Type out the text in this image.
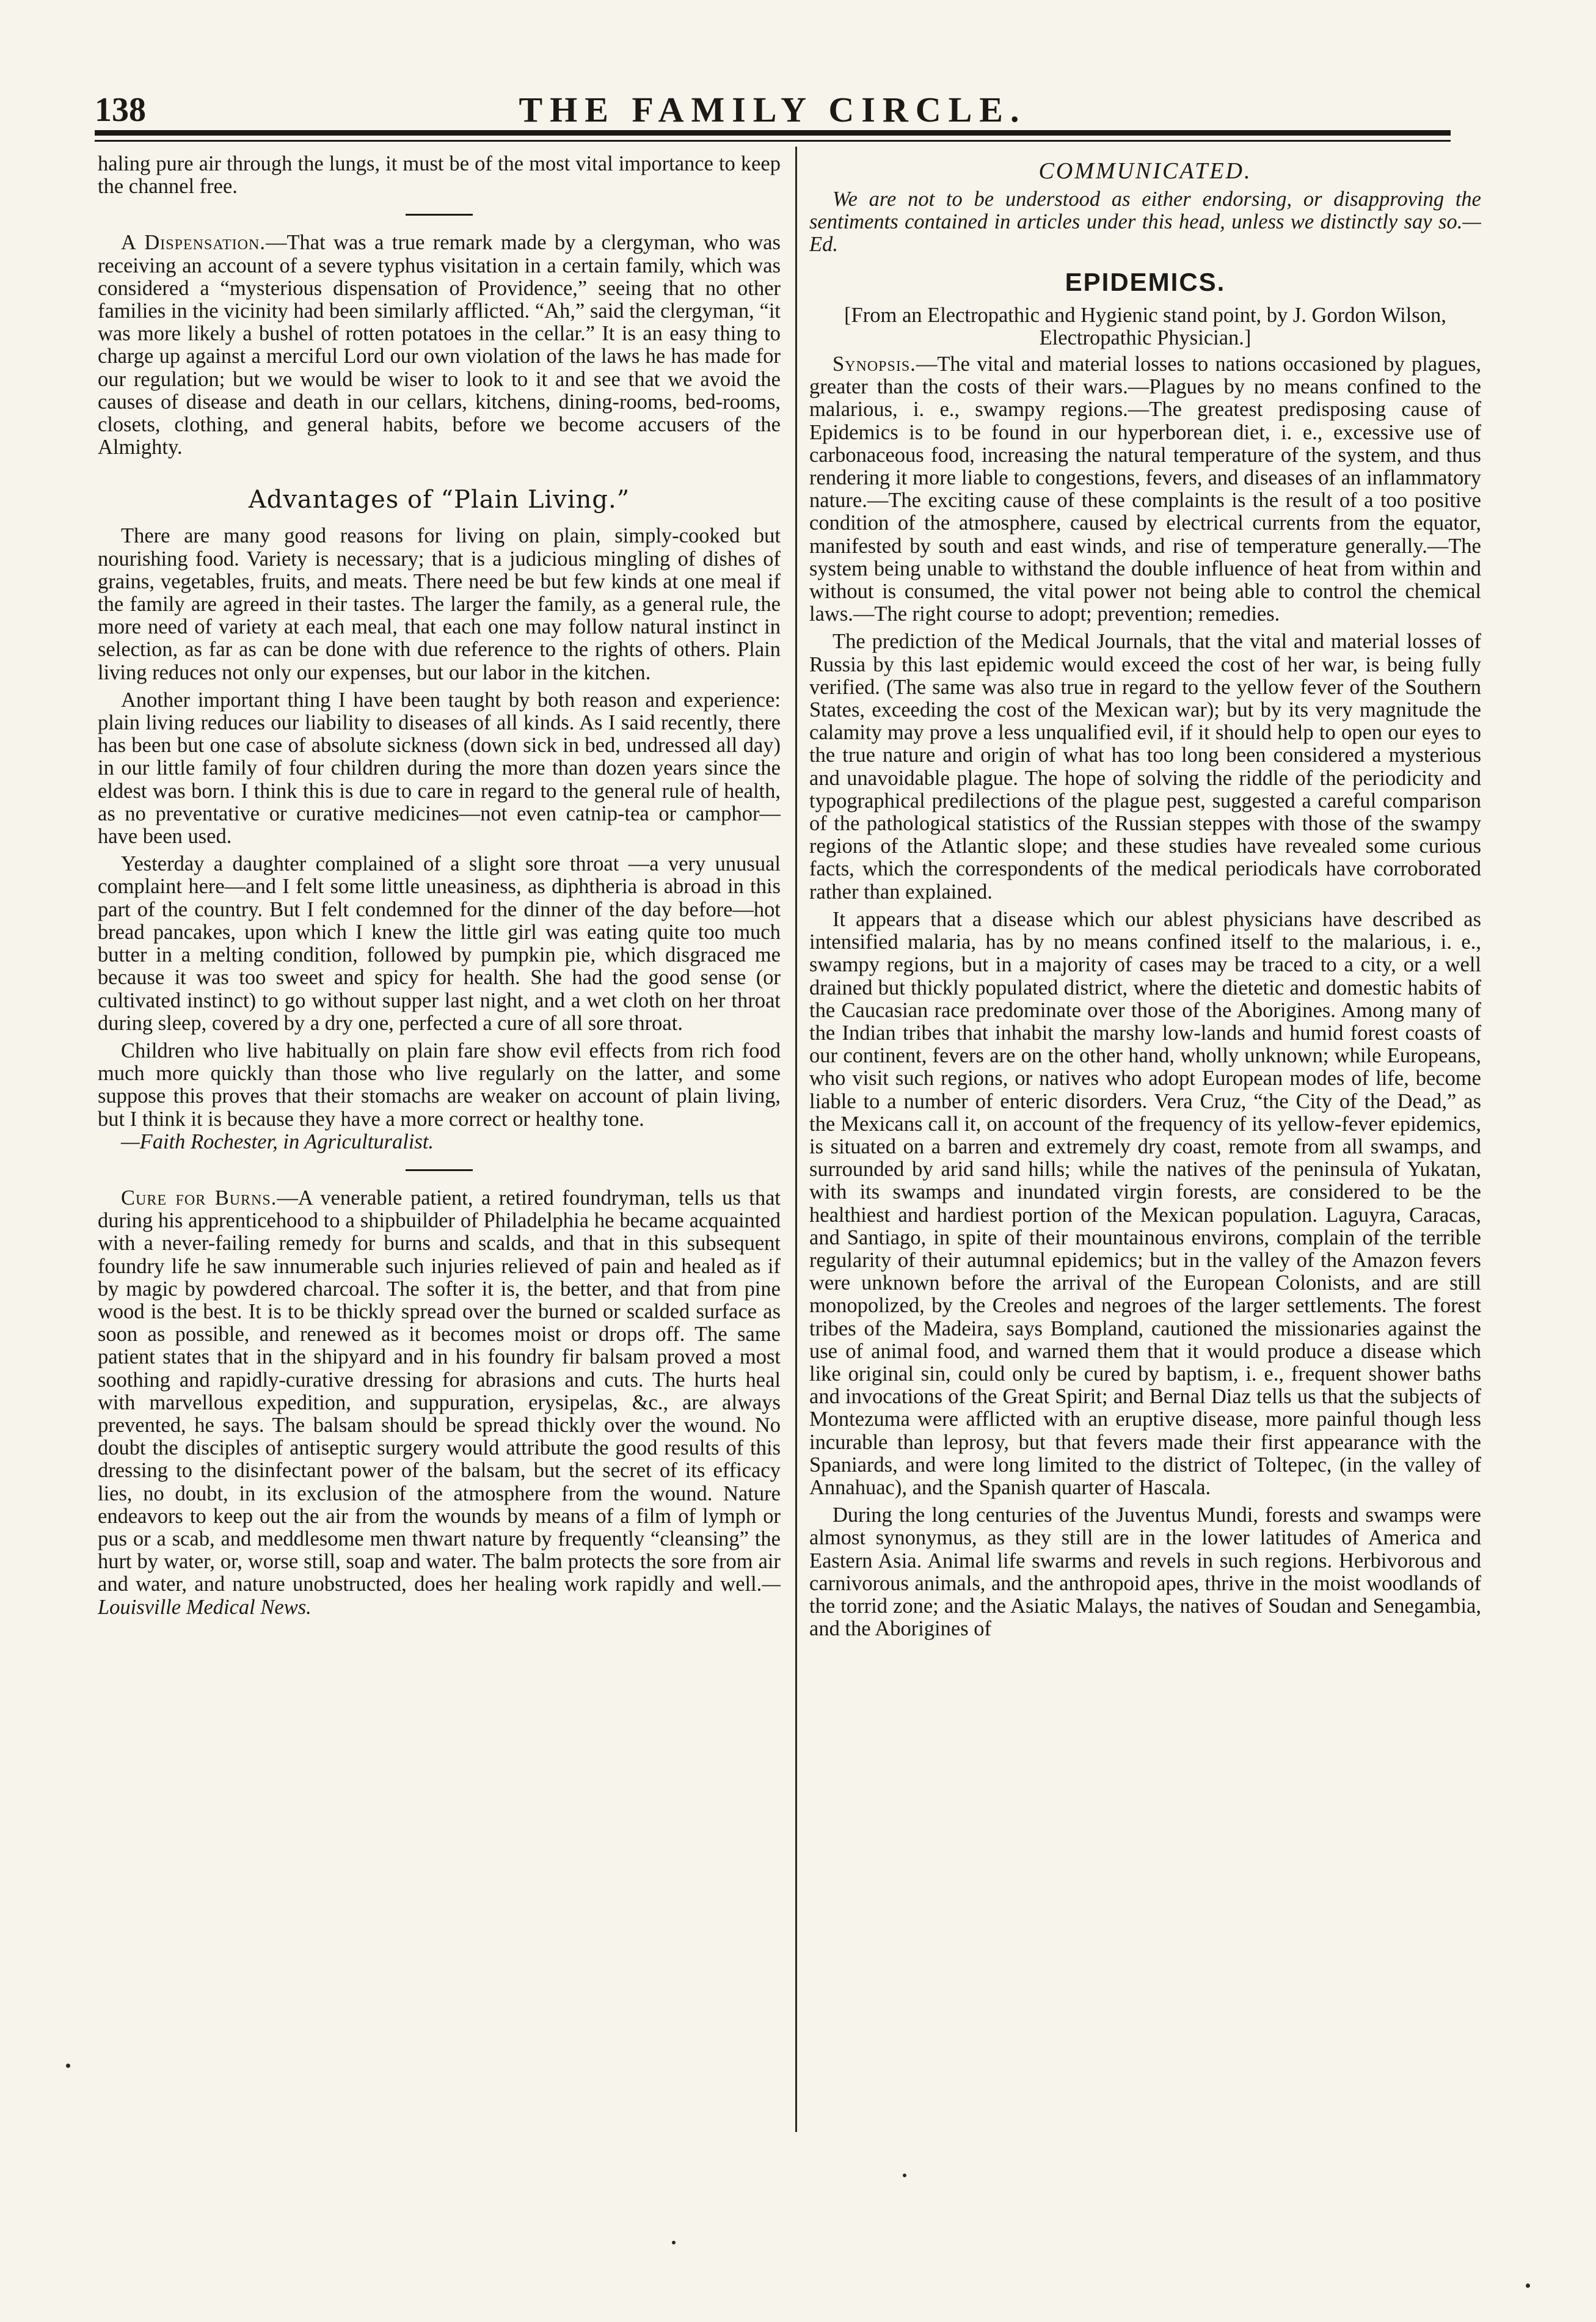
138	THE FAMILY CIRCLE.

haling pure air through the lungs, it must be of the most vital importance to keep the channel free.

A Dispensation.—That was a true remark made by a clergyman, who was receiving an account of a severe typhus visitation in a certain family, which was considered a “mysterious dispensation of Providence,” seeing that no other families in the vicinity had been similarly afflicted. “Ah,” said the clergyman, “it was more likely a bushel of rotten potatoes in the cellar.” It is an easy thing to charge up against a merciful Lord our own violation of the laws he has made for our regulation; but we would be wiser to look to it and see that we avoid the causes of disease and death in our cellars, kitchens, dining-rooms, bed-rooms, closets, clothing, and general habits, before we become accusers of the Almighty.

Advantages of “Plain Living.”

There are many good reasons for living on plain, simply-cooked but nourishing food. Variety is necessary; that is a judicious mingling of dishes of grains, vegetables, fruits, and meats. There need be but few kinds at one meal if the family are agreed in their tastes. The larger the family, as a general rule, the more need of variety at each meal, that each one may follow natural instinct in selection, as far as can be done with due reference to the rights of others. Plain living reduces not only our expenses, but our labor in the kitchen.

Another important thing I have been taught by both reason and experience: plain living reduces our liability to diseases of all kinds. As I said recently, there has been but one case of absolute sickness (down sick in bed, undressed all day) in our little family of four children during the more than dozen years since the eldest was born. I think this is due to care in regard to the general rule of health, as no preventative or curative medicines—not even catnip-tea or camphor—have been used.

Yesterday a daughter complained of a slight sore throat —a very unusual complaint here—and I felt some little uneasiness, as diphtheria is abroad in this part of the country. But I felt condemned for the dinner of the day before—hot bread pancakes, upon which I knew the little girl was eating quite too much butter in a melting condition, followed by pumpkin pie, which disgraced me because it was too sweet and spicy for health. She had the good sense (or cultivated instinct) to go without supper last night, and a wet cloth on her throat during sleep, covered by a dry one, perfected a cure of all sore throat.

Children who live habitually on plain fare show evil effects from rich food much more quickly than those who live regularly on the latter, and some suppose this proves that their stomachs are weaker on account of plain living, but I think it is because they have a more correct or healthy tone.

—Faith Rochester, in Agriculturalist.

Cure for Burns.—A venerable patient, a retired foundryman, tells us that during his apprenticehood to a shipbuilder of Philadelphia he became acquainted with a never-failing remedy for burns and scalds, and that in this subsequent foundry life he saw innumerable such injuries relieved of pain and healed as if by magic by powdered charcoal. The softer it is, the better, and that from pine wood is the best. It is to be thickly spread over the burned or scalded surface as soon as possible, and renewed as it becomes moist or drops off. The same patient states that in the shipyard and in his foundry fir balsam proved a most soothing and rapidly-curative dressing for abrasions and cuts. The hurts heal with marvellous expedition, and suppuration, erysipelas, &c., are always prevented, he says. The balsam should be spread thickly over the wound. No doubt the disciples of antiseptic surgery would attribute the good results of this dressing to the disinfectant power of the balsam, but the secret of its efficacy lies, no doubt, in its exclusion of the atmosphere from the wound. Nature endeavors to keep out the air from the wounds by means of a film of lymph or pus or a scab, and meddlesome men thwart nature by frequently “cleansing” the hurt by water, or, worse still, soap and water. The balm protects the sore from air and water, and nature unobstructed, does her healing work rapidly and well.—Louisville Medical News.

COMMUNICATED.

We are not to be understood as either endorsing, or disapproving the sentiments contained in articles under this head, unless we distinctly say so.—Ed.

EPIDEMICS.

[From an Electropathic and Hygienic stand point, by J. Gordon Wilson, Electropathic Physician.]

Synopsis.—The vital and material losses to nations occasioned by plagues, greater than the costs of their wars.—Plagues by no means confined to the malarious, i. e., swampy regions.—The greatest predisposing cause of Epidemics is to be found in our hyperborean diet, i. e., excessive use of carbonaceous food, increasing the natural temperature of the system, and thus rendering it more liable to congestions, fevers, and diseases of an inflammatory nature.—The exciting cause of these complaints is the result of a too positive condition of the atmosphere, caused by electrical currents from the equator, manifested by south and east winds, and rise of temperature generally.—The system being unable to withstand the double influence of heat from within and without is consumed, the vital power not being able to control the chemical laws.—The right course to adopt; prevention; remedies.

The prediction of the Medical Journals, that the vital and material losses of Russia by this last epidemic would exceed the cost of her war, is being fully verified. (The same was also true in regard to the yellow fever of the Southern States, exceeding the cost of the Mexican war); but by its very magnitude the calamity may prove a less unqualified evil, if it should help to open our eyes to the true nature and origin of what has too long been considered a mysterious and unavoidable plague. The hope of solving the riddle of the periodicity and typographical predilections of the plague pest, suggested a careful comparison of the pathological statistics of the Russian steppes with those of the swampy regions of the Atlantic slope; and these studies have revealed some curious facts, which the correspondents of the medical periodicals have corroborated rather than explained.

It appears that a disease which our ablest physicians have described as intensified malaria, has by no means confined itself to the malarious, i. e., swampy regions, but in a majority of cases may be traced to a city, or a well drained but thickly populated district, where the dietetic and domestic habits of the Caucasian race predominate over those of the Aborigines. Among many of the Indian tribes that inhabit the marshy low-lands and humid forest coasts of our continent, fevers are on the other hand, wholly unknown; while Europeans, who visit such regions, or natives who adopt European modes of life, become liable to a number of enteric disorders. Vera Cruz, “the City of the Dead,” as the Mexicans call it, on account of the frequency of its yellow-fever epidemics, is situated on a barren and extremely dry coast, remote from all swamps, and surrounded by arid sand hills; while the natives of the peninsula of Yukatan, with its swamps and inundated virgin forests, are considered to be the healthiest and hardiest portion of the Mexican population. Laguyra, Caracas, and Santiago, in spite of their mountainous environs, complain of the terrible regularity of their autumnal epidemics; but in the valley of the Amazon fevers were unknown before the arrival of the European Colonists, and are still monopolized, by the Creoles and negroes of the larger settlements. The forest tribes of the Madeira, says Bompland, cautioned the missionaries against the use of animal food, and warned them that it would produce a disease which like original sin, could only be cured by baptism, i. e., frequent shower baths and invocations of the Great Spirit; and Bernal Diaz tells us that the subjects of Montezuma were afflicted with an eruptive disease, more painful though less incurable than leprosy, but that fevers made their first appearance with the Spaniards, and were long limited to the district of Toltepec, (in the valley of Annahuac), and the Spanish quarter of Hascala.

During the long centuries of the Juventus Mundi, forests and swamps were almost synonymus, as they still are in the lower latitudes of America and Eastern Asia. Animal life swarms and revels in such regions. Herbivorous and carnivorous animals, and the anthropoid apes, thrive in the moist woodlands of the torrid zone; and the Asiatic Malays, the natives of Soudan and Senegambia, and the Aborigines of
